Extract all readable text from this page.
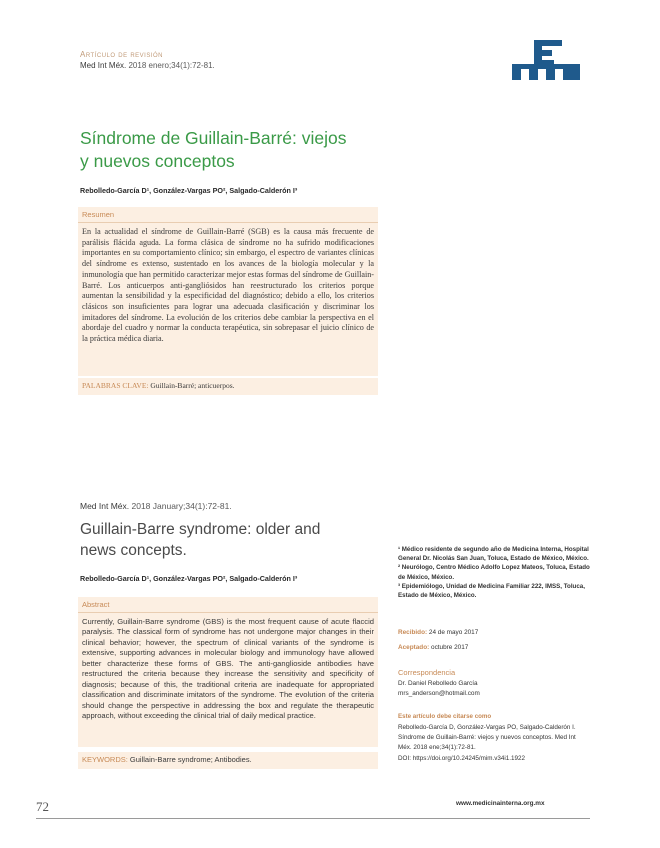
Artículo de revisión
Med Int Méx. 2018 enero;34(1):72-81.
Síndrome de Guillain-Barré: viejos
y nuevos conceptos
Rebolledo-García D¹, González-Vargas PO², Salgado-Calderón I³
Resumen
En la actualidad el síndrome de Guillain-Barré (SGB) es la causa más frecuente de parálisis flácida aguda. La forma clásica de síndrome no ha sufrido modificaciones importantes en su comportamiento clínico; sin embargo, el espectro de variantes clínicas del síndrome es extenso, sustentado en los avances de la biología molecular y la inmunología que han permitido caracterizar mejor estas formas del síndrome de Guillain-Barré. Los anticuerpos anti-gangliósidos han reestructurado los criterios porque aumentan la sensibilidad y la especificidad del diagnóstico; debido a ello, los criterios clásicos son insuficientes para lograr una adecuada clasificación y discriminar los imitadores del síndrome. La evolución de los criterios debe cambiar la perspectiva en el abordaje del cuadro y normar la conducta terapéutica, sin sobrepasar el juicio clínico de la práctica médica diaria.
PALABRAS CLAVE: Guillain-Barré; anticuerpos.
Med Int Méx. 2018 January;34(1):72-81.
Guillain-Barre syndrome: older and
news concepts.
Rebolledo-García D¹, González-Vargas PO², Salgado-Calderón I³
Abstract
Currently, Guillain-Barre syndrome (GBS) is the most frequent cause of acute flaccid paralysis. The classical form of syndrome has not undergone major changes in their clinical behavior; however, the spectrum of clinical variants of the syndrome is extensive, supporting advances in molecular biology and immunology have allowed better characterize these forms of GBS. The anti-ganglioside antibodies have restructured the criteria because they increase the sensitivity and specificity of diagnosis; because of this, the traditional criteria are inadequate for appropriated classification and discriminate imitators of the syndrome. The evolution of the criteria should change the perspective in addressing the box and regulate the therapeutic approach, without exceeding the clinical trial of daily medical practice.
KEYWORDS: Guillain-Barre syndrome; Antibodies.
¹ Médico residente de segundo año de Medicina Interna, Hospital General Dr. Nicolás San Juan, Toluca, Estado de México, México.
² Neurólogo, Centro Médico Adolfo Lopez Mateos, Toluca, Estado de México, México.
³ Epidemiólogo, Unidad de Medicina Familiar 222, IMSS, Toluca, Estado de México, México.
Recibido: 24 de mayo 2017
Aceptado: octubre 2017
Correspondencia
Dr. Daniel Rebolledo García
mrs_anderson@hotmail.com
Este artículo debe citarse como
Rebolledo-García D, González-Vargas PO, Salgado-Calderón I. Síndrome de Guillain-Barré: viejos y nuevos conceptos. Med Int Méx. 2018 ene;34(1):72-81.
DOI: https://doi.org/10.24245/mim.v34i1.1922
72	www.medicinainterna.org.mx
